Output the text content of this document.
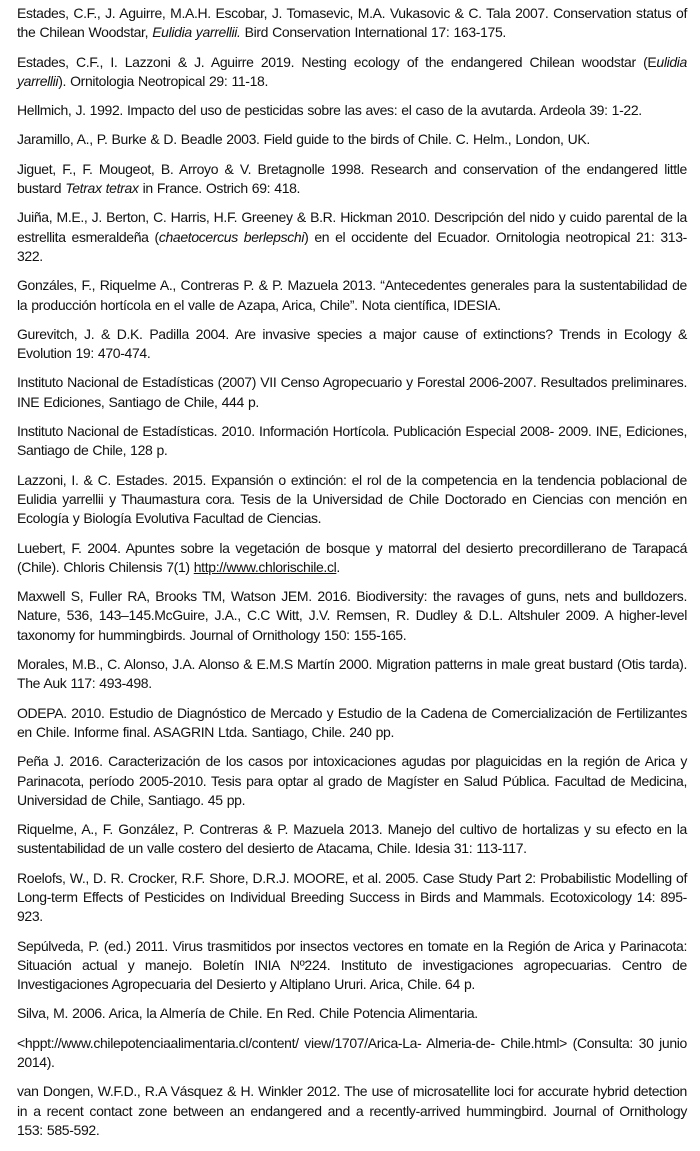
Estades, C.F., J. Aguirre, M.A.H. Escobar, J. Tomasevic, M.A. Vukasovic & C. Tala 2007. Conservation status of the Chilean Woodstar, Eulidia yarrellii. Bird Conservation International 17: 163-175.

Estades, C.F., I. Lazzoni & J. Aguirre 2019. Nesting ecology of the endangered Chilean woodstar (Eulidia yarrellii). Ornitologia Neotropical 29: 11-18.

Hellmich, J. 1992. Impacto del uso de pesticidas sobre las aves: el caso de la avutarda. Ardeola 39: 1-22.

Jaramillo, A., P. Burke & D. Beadle 2003. Field guide to the birds of Chile. C. Helm., London, UK.

Jiguet, F., F. Mougeot, B. Arroyo & V. Bretagnolle 1998. Research and conservation of the endangered little bustard Tetrax tetrax in France. Ostrich 69: 418.

Juiña, M.E., J. Berton, C. Harris, H.F. Greeney & B.R. Hickman 2010. Descripción del nido y cuido parental de la estrellita esmeraldeña (chaetocercus berlepschi) en el occidente del Ecuador. Ornitologia neotropical 21: 313-322.

Gonzáles, F., Riquelme A., Contreras P. & P. Mazuela 2013. “Antecedentes generales para la sustentabilidad de la producción hortícola en el valle de Azapa, Arica, Chile”. Nota científica, IDESIA.

Gurevitch, J. & D.K. Padilla 2004. Are invasive species a major cause of extinctions? Trends in Ecology & Evolution 19: 470-474.

Instituto Nacional de Estadísticas (2007) VII Censo Agropecuario y Forestal 2006-2007. Resultados preliminares. INE Ediciones, Santiago de Chile, 444 p.

Instituto Nacional de Estadísticas. 2010. Información Hortícola. Publicación Especial 2008- 2009. INE, Ediciones, Santiago de Chile, 128 p.

Lazzoni, I. & C. Estades. 2015. Expansión o extinción: el rol de la competencia en la tendencia poblacional de Eulidia yarrellii y Thaumastura cora. Tesis de la Universidad de Chile Doctorado en Ciencias con mención en Ecología y Biología Evolutiva Facultad de Ciencias.

Luebert, F. 2004. Apuntes sobre la vegetación de bosque y matorral del desierto precordillerano de Tarapacá (Chile). Chloris Chilensis 7(1) http://www.chlorischile.cl.

Maxwell S, Fuller RA, Brooks TM, Watson JEM. 2016. Biodiversity: the ravages of guns, nets and bulldozers. Nature, 536, 143–145.McGuire, J.A., C.C Witt, J.V. Remsen, R. Dudley & D.L. Altshuler 2009. A higher-level taxonomy for hummingbirds. Journal of Ornithology 150: 155-165.

Morales, M.B., C. Alonso, J.A. Alonso & E.M.S Martín 2000. Migration patterns in male great bustard (Otis tarda). The Auk 117: 493-498.

ODEPA. 2010. Estudio de Diagnóstico de Mercado y Estudio de la Cadena de Comercialización de Fertilizantes en Chile. Informe final. ASAGRIN Ltda. Santiago, Chile. 240 pp.

Peña J. 2016. Caracterización de los casos por intoxicaciones agudas por plaguicidas en la región de Arica y Parinacota, período 2005-2010. Tesis para optar al grado de Magíster en Salud Pública. Facultad de Medicina, Universidad de Chile, Santiago. 45 pp.

Riquelme, A., F. González, P. Contreras & P. Mazuela 2013. Manejo del cultivo de hortalizas y su efecto en la sustentabilidad de un valle costero del desierto de Atacama, Chile. Idesia 31: 113-117.

Roelofs, W., D. R. Crocker, R.F. Shore, D.R.J. MOORE, et al. 2005. Case Study Part 2: Probabilistic Modelling of Long-term Effects of Pesticides on Individual Breeding Success in Birds and Mammals. Ecotoxicology 14: 895-923.

Sepúlveda, P. (ed.) 2011. Virus trasmitidos por insectos vectores en tomate en la Región de Arica y Parinacota: Situación actual y manejo. Boletín INIA Nº224. Instituto de investigaciones agropecuarias. Centro de Investigaciones Agropecuaria del Desierto y Altiplano Ururi. Arica, Chile. 64 p.

Silva, M. 2006. Arica, la Almería de Chile. En Red. Chile Potencia Alimentaria.

<hppt://www.chilepotenciaalimentaria.cl/content/ view/1707/Arica-La- Almeria-de- Chile.html> (Consulta: 30 junio 2014).

van Dongen, W.F.D., R.A Vásquez & H. Winkler 2012. The use of microsatellite loci for accurate hybrid detection in a recent contact zone between an endangered and a recently-arrived hummingbird. Journal of Ornithology 153: 585-592.
